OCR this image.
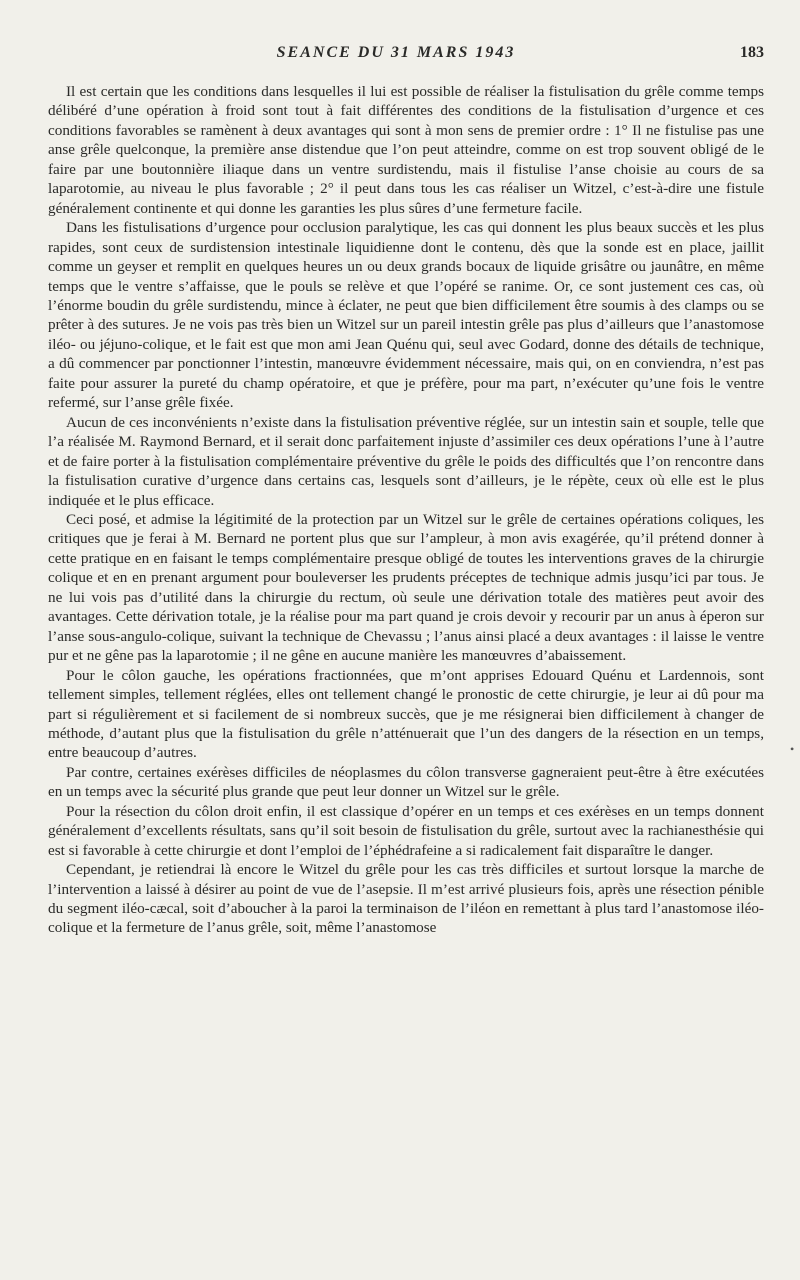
SEANCE DU 31 MARS 1943	183

Il est certain que les conditions dans lesquelles il lui est possible de réaliser la fistulisation du grêle comme temps délibéré d’une opération à froid sont tout à fait différentes des conditions de la fistulisation d’urgence et ces conditions favorables se ramènent à deux avantages qui sont à mon sens de premier ordre : 1° Il ne fistulise pas une anse grêle quelconque, la première anse distendue que l’on peut atteindre, comme on est trop souvent obligé de le faire par une boutonnière iliaque dans un ventre surdistendu, mais il fistulise l’anse choisie au cours de sa laparotomie, au niveau le plus favorable ; 2° il peut dans tous les cas réaliser un Witzel, c’est-à-dire une fistule généralement continente et qui donne les garanties les plus sûres d’une fermeture facile.

Dans les fistulisations d’urgence pour occlusion paralytique, les cas qui donnent les plus beaux succès et les plus rapides, sont ceux de surdistension intestinale liquidienne dont le contenu, dès que la sonde est en place, jaillit comme un geyser et remplit en quelques heures un ou deux grands bocaux de liquide grisâtre ou jaunâtre, en même temps que le ventre s’affaisse, que le pouls se relève et que l’opéré se ranime. Or, ce sont justement ces cas, où l’énorme boudin du grêle surdistendu, mince à éclater, ne peut que bien difficilement être soumis à des clamps ou se prêter à des sutures. Je ne vois pas très bien un Witzel sur un pareil intestin grêle pas plus d’ailleurs que l’anastomose iléo- ou jéjuno-colique, et le fait est que mon ami Jean Quénu qui, seul avec Godard, donne des détails de technique, a dû commencer par ponctionner l’intestin, manœuvre évidemment nécessaire, mais qui, on en conviendra, n’est pas faite pour assurer la pureté du champ opératoire, et que je préfère, pour ma part, n’exécuter qu’une fois le ventre refermé, sur l’anse grêle fixée.

Aucun de ces inconvénients n’existe dans la fistulisation préventive réglée, sur un intestin sain et souple, telle que l’a réalisée M. Raymond Bernard, et il serait donc parfaitement injuste d’assimiler ces deux opérations l’une à l’autre et de faire porter à la fistulisation complémentaire préventive du grêle le poids des difficultés que l’on rencontre dans la fistulisation curative d’urgence dans certains cas, lesquels sont d’ailleurs, je le répète, ceux où elle est le plus indiquée et le plus efficace.

Ceci posé, et admise la légitimité de la protection par un Witzel sur le grêle de certaines opérations coliques, les critiques que je ferai à M. Bernard ne portent plus que sur l’ampleur, à mon avis exagérée, qu’il prétend donner à cette pratique en en faisant le temps complémentaire presque obligé de toutes les interventions graves de la chirurgie colique et en en prenant argument pour bouleverser les prudents préceptes de technique admis jusqu’ici par tous. Je ne lui vois pas d’utilité dans la chirurgie du rectum, où seule une dérivation totale des matières peut avoir des avantages. Cette dérivation totale, je la réalise pour ma part quand je crois devoir y recourir par un anus à éperon sur l’anse sous-angulo-colique, suivant la technique de Chevassu ; l’anus ainsi placé a deux avantages : il laisse le ventre pur et ne gêne pas la laparotomie ; il ne gêne en aucune manière les manœuvres d’abaissement.

Pour le côlon gauche, les opérations fractionnées, que m’ont apprises Edouard Quénu et Lardennois, sont tellement simples, tellement réglées, elles ont tellement changé le pronostic de cette chirurgie, je leur ai dû pour ma part si régulièrement et si facilement de si nombreux succès, que je me résignerai bien difficilement à changer de méthode, d’autant plus que la fistulisation du grêle n’atténuerait que l’un des dangers de la résection en un temps, entre beaucoup d’autres.

Par contre, certaines exérèses difficiles de néoplasmes du côlon transverse gagneraient peut-être à être exécutées en un temps avec la sécurité plus grande que peut leur donner un Witzel sur le grêle.

Pour la résection du côlon droit enfin, il est classique d’opérer en un temps et ces exérèses en un temps donnent généralement d’excellents résultats, sans qu’il soit besoin de fistulisation du grêle, surtout avec la rachianesthésie qui est si favorable à cette chirurgie et dont l’emploi de l’éphédrafeine a si radicalement fait disparaître le danger.

Cependant, je retiendrai là encore le Witzel du grêle pour les cas très difficiles et surtout lorsque la marche de l’intervention a laissé à désirer au point de vue de l’asepsie. Il m’est arrivé plusieurs fois, après une résection pénible du segment iléo-cæcal, soit d’aboucher à la paroi la terminaison de l’iléon en remettant à plus tard l’anastomose iléo-colique et la fermeture de l’anus grêle, soit, même l’anastomose

•
